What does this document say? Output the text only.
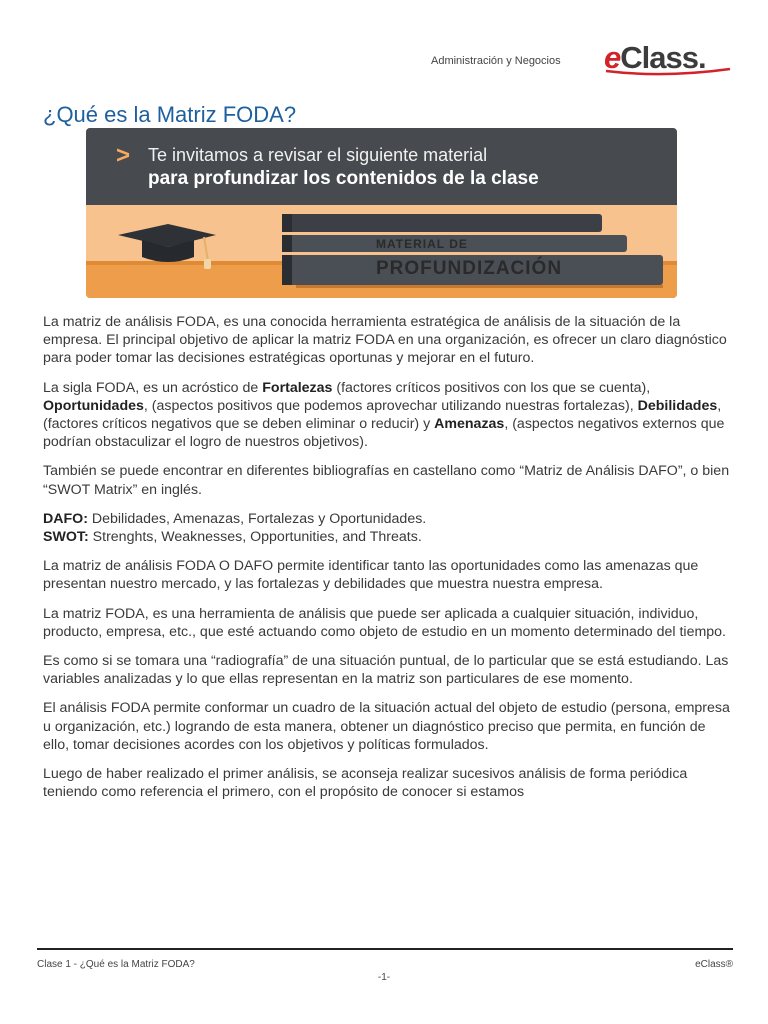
Administración y Negocios eClass.
¿Qué es la Matriz FODA?
> Te invitamos a revisar el siguiente material
para profundizar los contenidos de la clase
MATERIAL DE
PROFUNDIZACIÓN

La matriz de análisis FODA, es una conocida herramienta estratégica de análisis de la situación de la empresa. El principal objetivo de aplicar la matriz FODA en una organización, es ofrecer un claro diagnóstico para poder tomar las decisiones estratégicas oportunas y mejorar en el futuro.

La sigla FODA, es un acróstico de Fortalezas (factores críticos positivos con los que se cuenta), Oportunidades, (aspectos positivos que podemos aprovechar utilizando nuestras fortalezas), Debilidades, (factores críticos negativos que se deben eliminar o reducir) y Amenazas, (aspectos negativos externos que podrían obstaculizar el logro de nuestros objetivos).

También se puede encontrar en diferentes bibliografías en castellano como “Matriz de Análisis DAFO”, o bien “SWOT Matrix” en inglés.

DAFO: Debilidades, Amenazas, Fortalezas y Oportunidades.
SWOT: Strenghts, Weaknesses, Opportunities, and Threats.

La matriz de análisis FODA O DAFO permite identificar tanto las oportunidades como las amenazas que presentan nuestro mercado, y las fortalezas y debilidades que muestra nuestra empresa.

La matriz FODA, es una herramienta de análisis que puede ser aplicada a cualquier situación, individuo, producto, empresa, etc., que esté actuando como objeto de estudio en un momento determinado del tiempo.

Es como si se tomara una “radiografía” de una situación puntual, de lo particular que se está estudiando. Las variables analizadas y lo que ellas representan en la matriz son particulares de ese momento.

El análisis FODA permite conformar un cuadro de la situación actual del objeto de estudio (persona, empresa u organización, etc.) logrando de esta manera, obtener un diagnóstico preciso que permita, en función de ello, tomar decisiones acordes con los objetivos y políticas formulados.

Luego de haber realizado el primer análisis, se aconseja realizar sucesivos análisis de forma periódica teniendo como referencia el primero, con el propósito de conocer si estamos

Clase 1 - ¿Qué es la Matriz FODA?	eClass®
-1-
